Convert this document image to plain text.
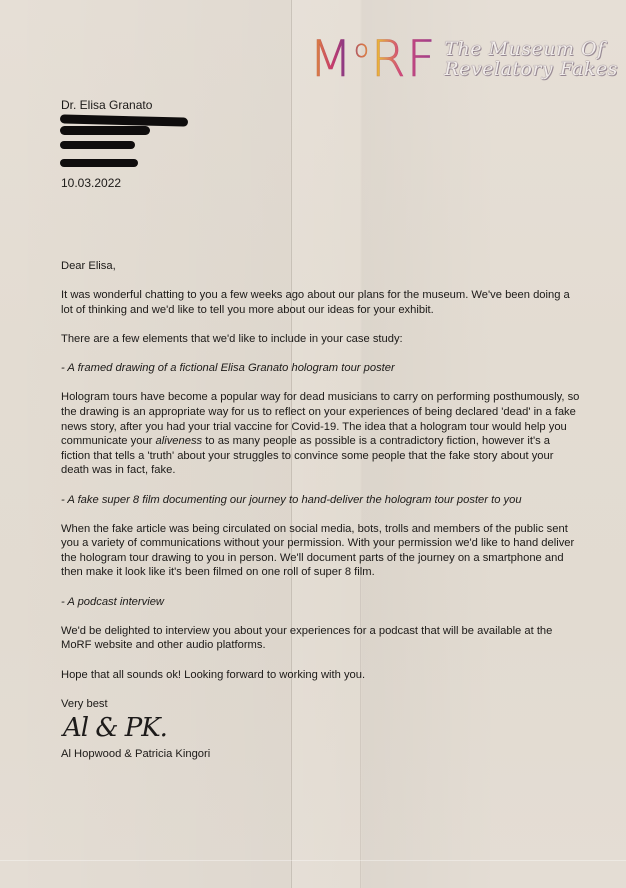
M o RF The Museum Of
Revelatory Fakes
Dr. Elisa Granato
10.03.2022

Dear Elisa,

It was wonderful chatting to you a few weeks ago about our plans for the museum. We've been doing a lot of thinking and we'd like to tell you more about our ideas for your exhibit.

There are a few elements that we'd like to include in your case study:

- A framed drawing of a fictional Elisa Granato hologram tour poster

Hologram tours have become a popular way for dead musicians to carry on performing posthumously, so the drawing is an appropriate way for us to reflect on your experiences of being declared 'dead' in a fake news story, after you had your trial vaccine for Covid-19. The idea that a hologram tour would help you communicate your aliveness to as many people as possible is a contradictory fiction, however it's a fiction that tells a 'truth' about your struggles to convince some people that the fake story about your death was in fact, fake.

- A fake super 8 film documenting our journey to hand-deliver the hologram tour poster to you

When the fake article was being circulated on social media, bots, trolls and members of the public sent you a variety of communications without your permission. With your permission we'd like to hand deliver the hologram tour drawing to you in person. We'll document parts of the journey on a smartphone and then make it look like it's been filmed on one roll of super 8 film.

- A podcast interview

We'd be delighted to interview you about your experiences for a podcast that will be available at the MoRF website and other audio platforms.

Hope that all sounds ok! Looking forward to working with you.

Very best
Al & PK.
Al Hopwood & Patricia Kingori
